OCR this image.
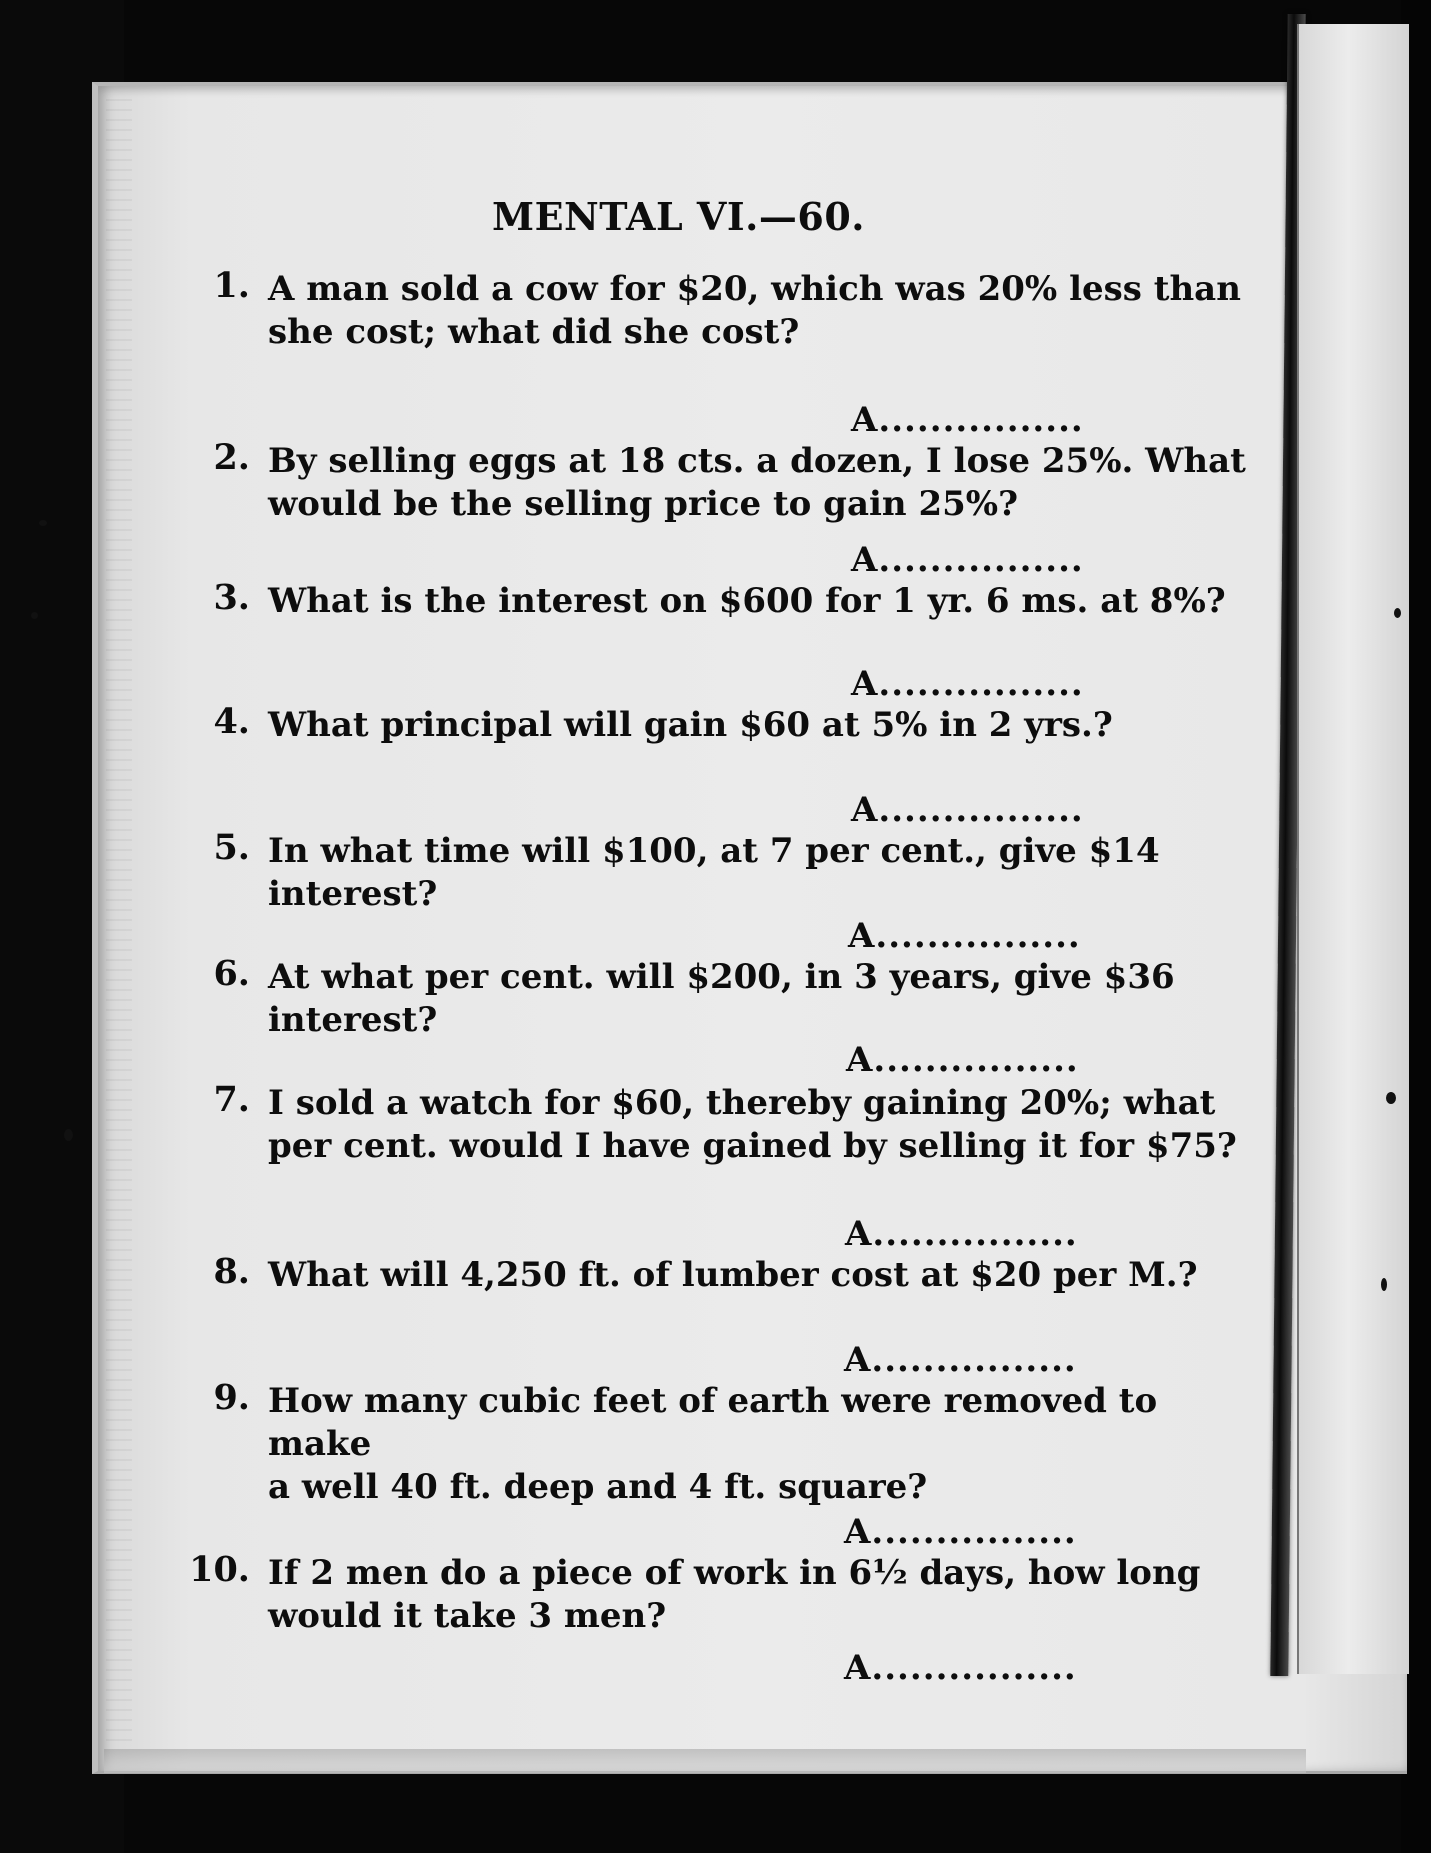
MENTAL VI.—60.
1. A man sold a cow for $20, which was 20% less than
she cost; what did she cost?
A................
2. By selling eggs at 18 cts. a dozen, I lose 25%. What
would be the selling price to gain 25%?
A................
3. What is the interest on $600 for 1 yr. 6 ms. at 8%?
A................
4. What principal will gain $60 at 5% in 2 yrs.?
A................
5. In what time will $100, at 7 per cent., give $14
interest?
A................
6. At what per cent. will $200, in 3 years, give $36
interest?
A................
7. I sold a watch for $60, thereby gaining 20%; what
per cent. would I have gained by selling it for $75?
A................
8. What will 4,250 ft. of lumber cost at $20 per M.?
A................
9. How many cubic feet of earth were removed to make
a well 40 ft. deep and 4 ft. square?
A................
10. If 2 men do a piece of work in 6½ days, how long
would it take 3 men?
A................
